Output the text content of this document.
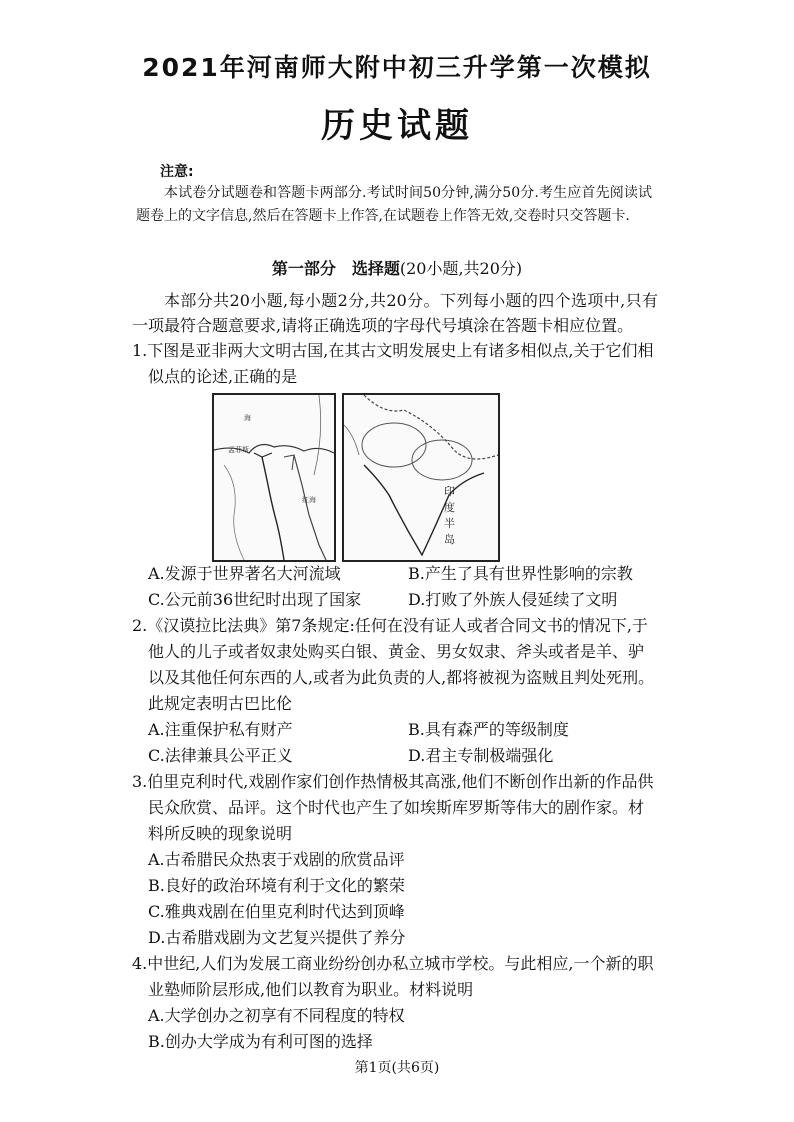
2021年河南师大附中初三升学第一次模拟
历史试题
注意:
本试卷分试题卷和答题卡两部分.考试时间50分钟,满分50分.考生应首先阅读试题卷上的文字信息,然后在答题卡上作答,在试题卷上作答无效,交卷时只交答题卡.
第一部分　选择题(20小题,共20分)
本部分共20小题,每小题2分,共20分。下列每小题的四个选项中,只有一项最符合题意要求,请将正确选项的字母代号填涂在答题卡相应位置。
1.下图是亚非两大文明古国,在其古文明发展史上有诸多相似点,关于它们相似点的论述,正确的是
海
孟菲斯
红海
印
度
半
岛
A.发源于世界著名大河流域	B.产生了具有世界性影响的宗教
C.公元前36世纪时出现了国家	D.打败了外族人侵延续了文明
2.《汉谟拉比法典》第7条规定:任何在没有证人或者合同文书的情况下,于他人的儿子或者奴隶处购买白银、黄金、男女奴隶、斧头或者是羊、驴以及其他任何东西的人,或者为此负责的人,都将被视为盗贼且判处死刑。此规定表明古巴比伦
A.注重保护私有财产	B.具有森严的等级制度
C.法律兼具公平正义	D.君主专制极端强化
3.伯里克利时代,戏剧作家们创作热情极其高涨,他们不断创作出新的作品供民众欣赏、品评。这个时代也产生了如埃斯库罗斯等伟大的剧作家。材料所反映的现象说明
A.古希腊民众热衷于戏剧的欣赏品评
B.良好的政治环境有利于文化的繁荣
C.雅典戏剧在伯里克利时代达到顶峰
D.古希腊戏剧为文艺复兴提供了养分
4.中世纪,人们为发展工商业纷纷创办私立城市学校。与此相应,一个新的职业塾师阶层形成,他们以教育为职业。材料说明
A.大学创办之初享有不同程度的特权
B.创办大学成为有利可图的选择
第1页(共6页)
